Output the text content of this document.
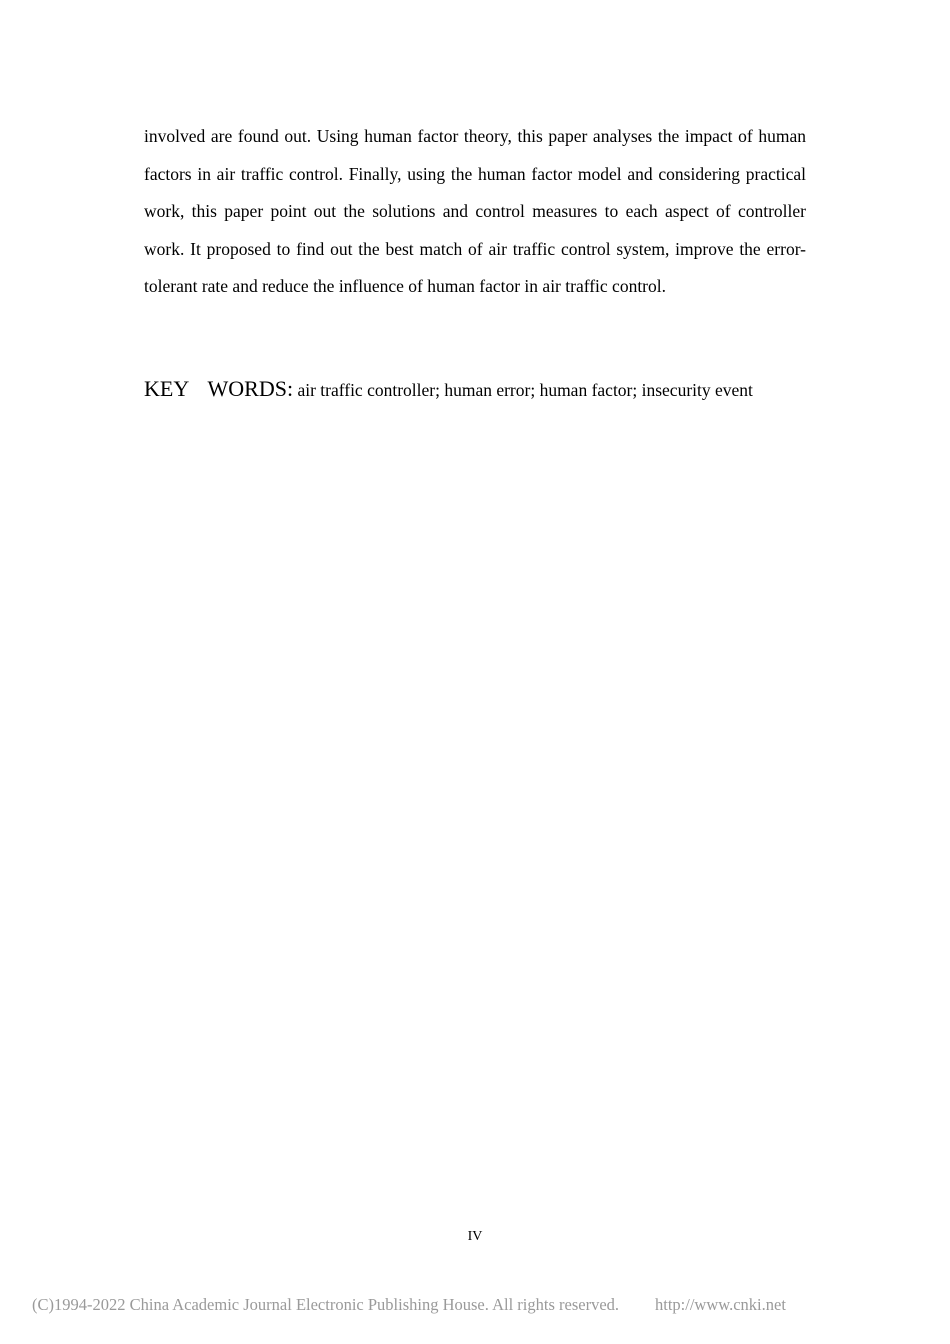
involved are found out. Using human factor theory, this paper analyses the impact of human factors in air traffic control. Finally, using the human factor model and considering practical work, this paper point out the solutions and control measures to each aspect of controller work. It proposed to find out the best match of air traffic control system, improve the error-tolerant rate and reduce the influence of human factor in air traffic control.

KEY WORDS: air traffic controller; human error; human factor; insecurity event

IV
(C)1994-2022 China Academic Journal Electronic Publishing House. All rights reserved. http://www.cnki.net
